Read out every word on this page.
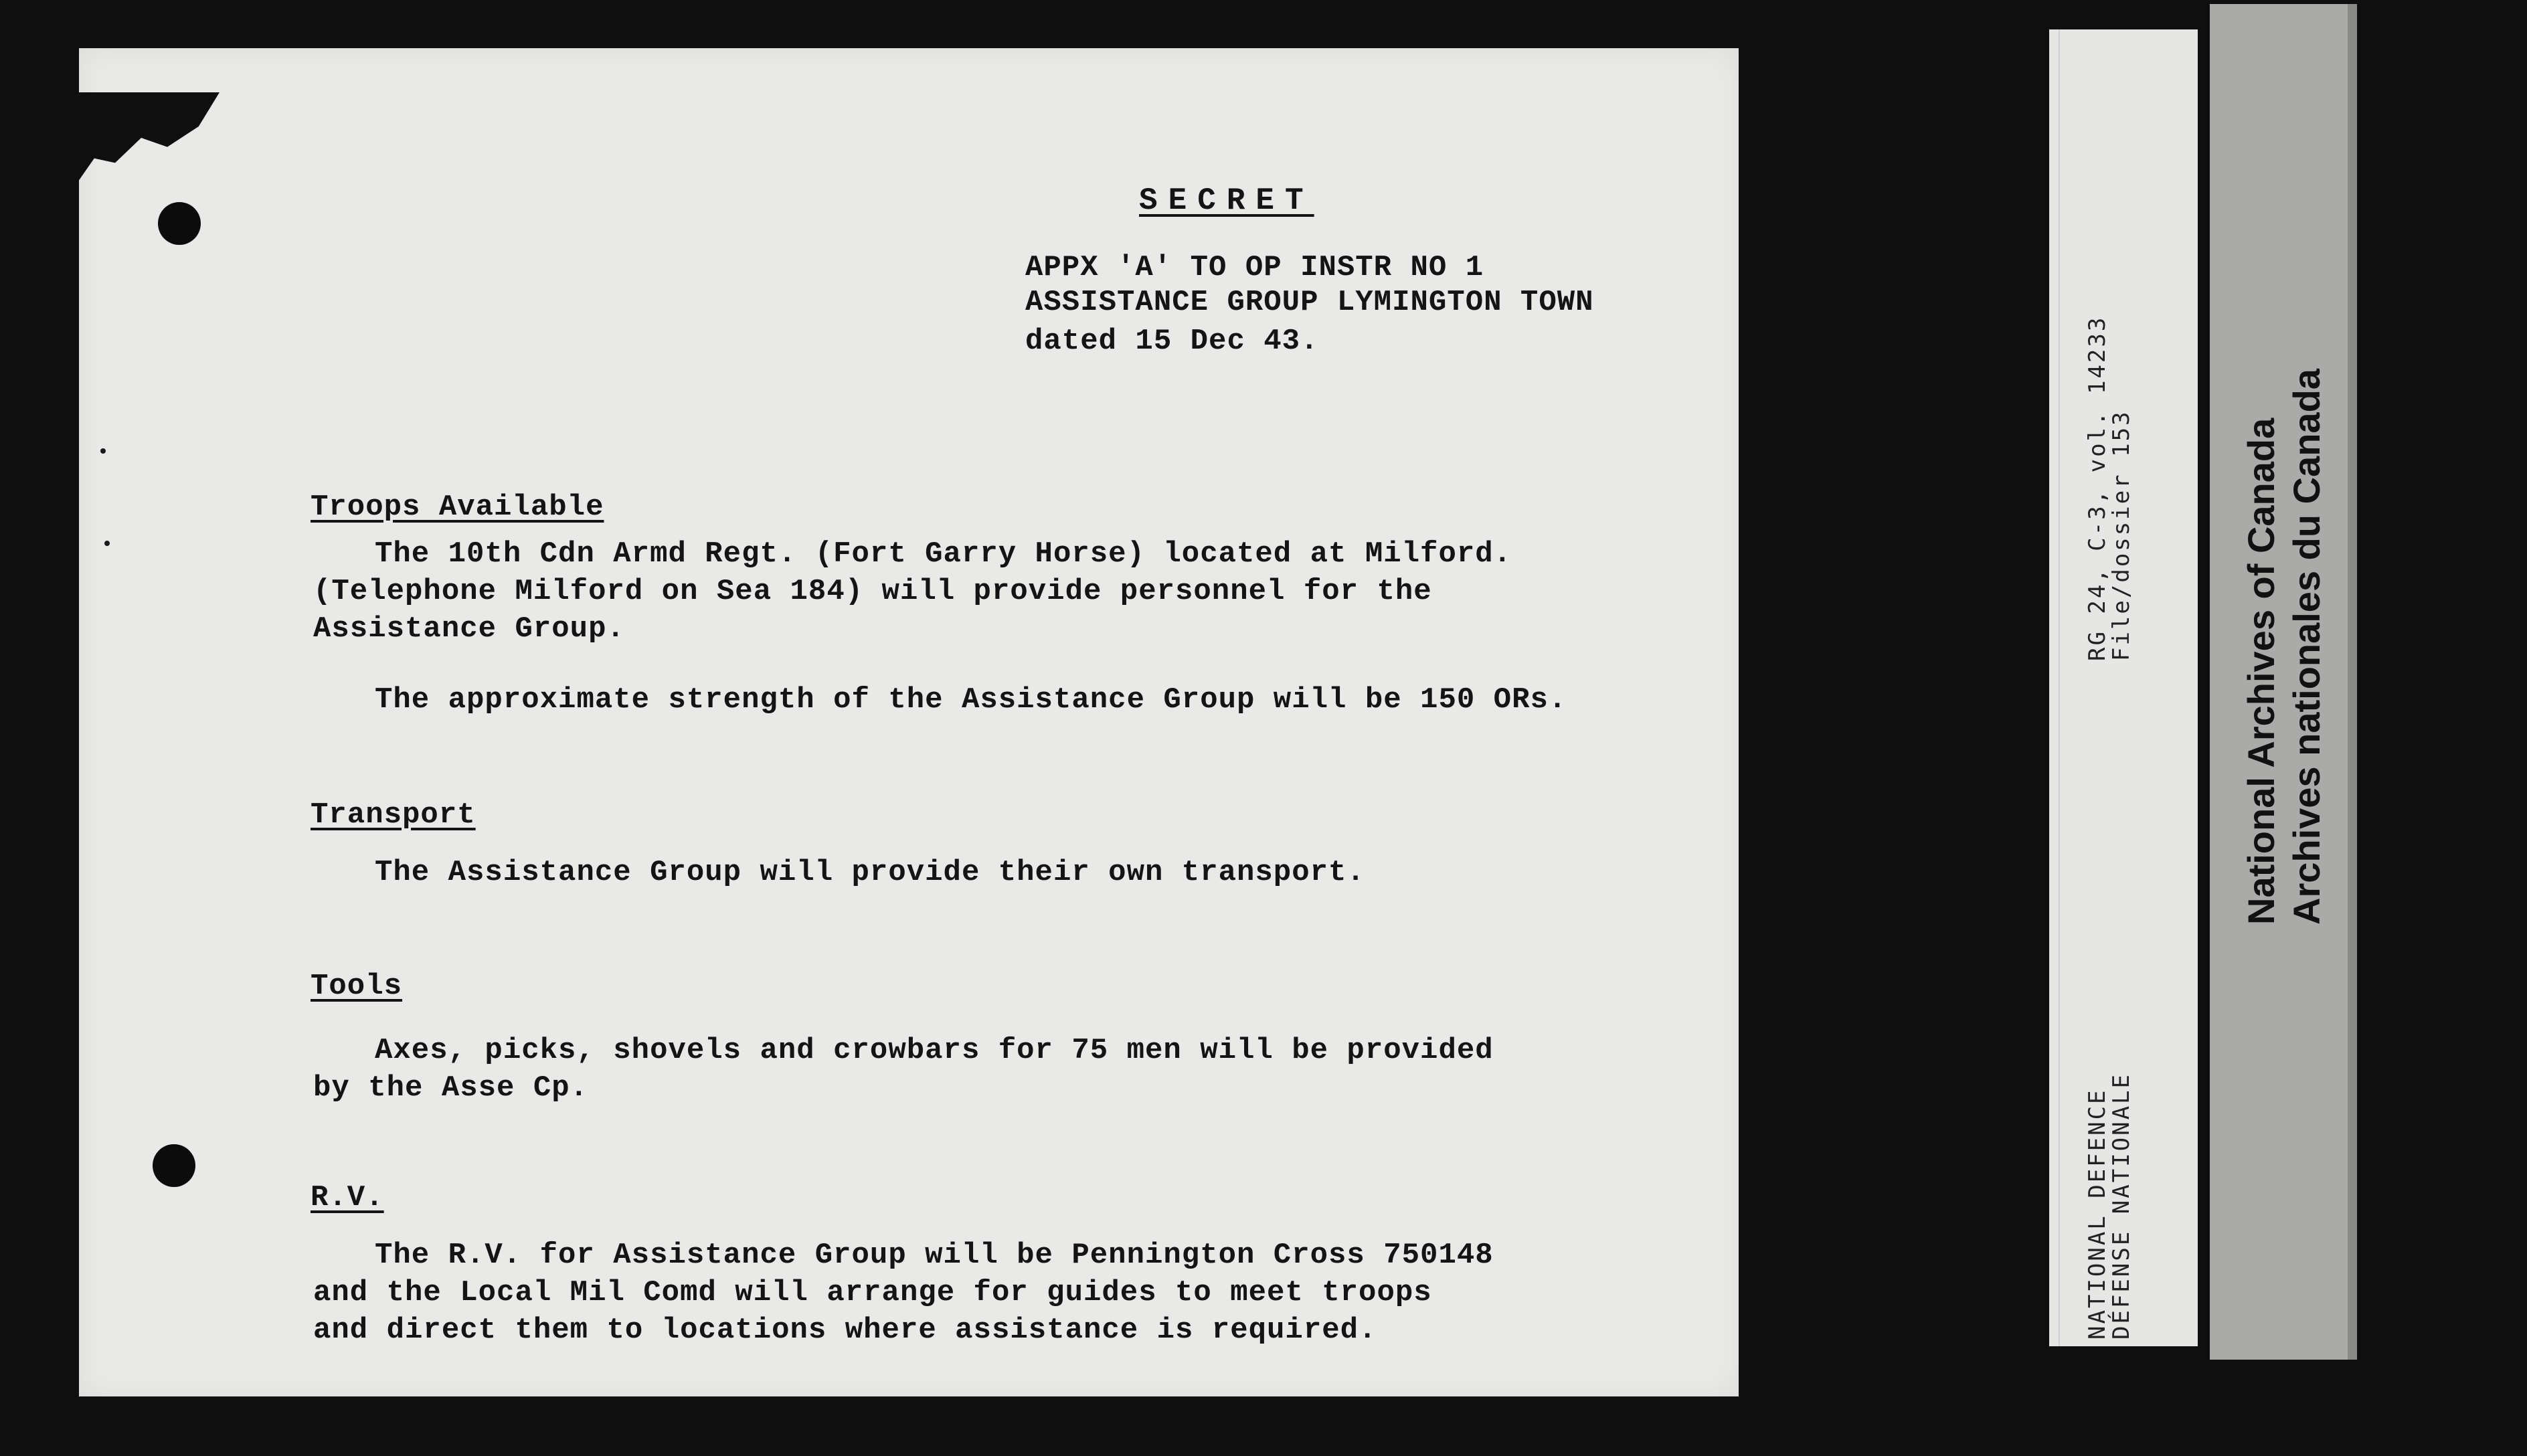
SECRET
APPX 'A' TO OP INSTR NO 1
ASSISTANCE GROUP LYMINGTON TOWN
dated 15 Dec 43.
Troops Available
The 10th Cdn Armd Regt. (Fort Garry Horse) located at Milford.
(Telephone Milford on Sea 184) will provide personnel for the
Assistance Group.
The approximate strength of the Assistance Group will be 150 ORs.
Transport
The Assistance Group will provide their own transport.
Tools
Axes, picks, shovels and crowbars for 75 men will be provided
by the Asse Cp.
R.V.
The R.V. for Assistance Group will be Pennington Cross 750148
and the Local Mil Comd will arrange for guides to meet troops
and direct them to locations where assistance is required.
RG 24, C-3, vol. 14233
File/dossier 153
NATIONAL DEFENCE
DÉFENSE NATIONALE
National Archives of Canada Archives nationales du Canada
